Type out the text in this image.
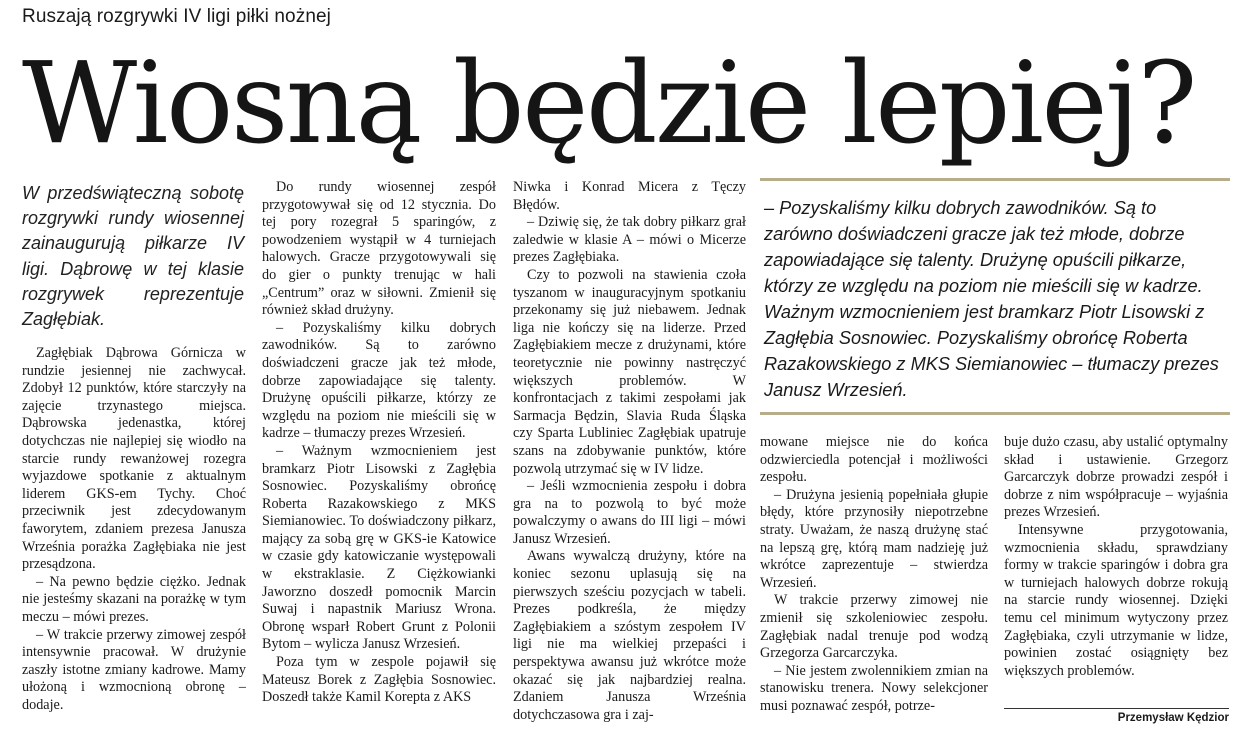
Ruszają rozgrywki IV ligi piłki nożnej
Wiosną będzie lepiej?

W przedświąteczną sobotę rozgrywki rundy wiosennej zainaugurują piłkarze IV ligi. Dąbrowę w tej klasie rozgrywek reprezentuje Zagłębiak.

Zagłębiak Dąbrowa Górnicza w rundzie jesiennej nie zachwycał. Zdobył 12 punktów, które starczyły na zajęcie trzynastego miejsca. Dąbrowska jedenastka, której dotychczas nie najlepiej się wiodło na starcie rundy rewanżowej rozegra wyjazdowe spotkanie z aktualnym liderem GKS-em Tychy. Choć przeciwnik jest zdecydowanym faworytem, zdaniem prezesa Janusza Września porażka Zagłębiaka nie jest przesądzona.

– Na pewno będzie ciężko. Jednak nie jesteśmy skazani na porażkę w tym meczu – mówi prezes.

– W trakcie przerwy zimowej zespół intensywnie pracował. W drużynie zaszły istotne zmiany kadrowe. Mamy ułożoną i wzmocnioną obronę – dodaje.

Do rundy wiosennej zespół przygotowywał się od 12 stycznia. Do tej pory rozegrał 5 sparingów, z powodzeniem wystąpił w 4 turniejach halowych. Gracze przygotowywali się do gier o punkty trenując w hali „Centrum” oraz w siłowni. Zmienił się również skład drużyny.

– Pozyskaliśmy kilku dobrych zawodników. Są to zarówno doświadczeni gracze jak też młode, dobrze zapowiadające się talenty. Drużynę opuścili piłkarze, którzy ze względu na poziom nie mieścili się w kadrze – tłumaczy prezes Wrzesień.

– Ważnym wzmocnieniem jest bramkarz Piotr Lisowski z Zagłębia Sosnowiec. Pozyskaliśmy obrońcę Roberta Razakowskiego z MKS Siemianowiec. To doświadczony piłkarz, mający za sobą grę w GKS-ie Katowice w czasie gdy katowiczanie występowali w ekstraklasie. Z Ciężkowianki Jaworzno doszedł pomocnik Marcin Suwaj i napastnik Mariusz Wrona. Obronę wsparł Robert Grunt z Polonii Bytom – wylicza Janusz Wrzesień.

Poza tym w zespole pojawił się Mateusz Borek z Zagłębia Sosnowiec. Doszedł także Kamil Korepta z AKS

Niwka i Konrad Micera z Tęczy Błędów.

– Dziwię się, że tak dobry piłkarz grał zaledwie w klasie A – mówi o Micerze prezes Zagłębiaka.

Czy to pozwoli na stawienia czoła tyszanom w inauguracyjnym spotkaniu przekonamy się już niebawem. Jednak liga nie kończy się na liderze. Przed Zagłębiakiem mecze z drużynami, które teoretycznie nie powinny nastręczyć większych problemów. W konfrontacjach z takimi zespołami jak Sarmacja Będzin, Slavia Ruda Śląska czy Sparta Lubliniec Zagłębiak upatruje szans na zdobywanie punktów, które pozwolą utrzymać się w IV lidze.

– Jeśli wzmocnienia zespołu i dobra gra na to pozwolą to być może powalczymy o awans do III ligi – mówi Janusz Wrzesień.

Awans wywalczą drużyny, które na koniec sezonu uplasują się na pierwszych sześciu pozycjach w tabeli. Prezes podkreśla, że między Zagłębiakiem a szóstym zespołem IV ligi nie ma wielkiej przepaści i perspektywa awansu już wkrótce może okazać się jak najbardziej realna. Zdaniem Janusza Września dotychczasowa gra i zaj-

– Pozyskaliśmy kilku dobrych zawodników. Są to zarówno doświadczeni gracze jak też młode, dobrze zapowiadające się talenty. Drużynę opuścili piłkarze, którzy ze względu na poziom nie mieścili się w kadrze. Ważnym wzmocnieniem jest bramkarz Piotr Lisowski z Zagłębia Sosnowiec. Pozyskaliśmy obrońcę Roberta Razakowskiego z MKS Siemianowiec – tłumaczy prezes Janusz Wrzesień.

mowane miejsce nie do końca odzwierciedla potencjał i możliwości zespołu.

– Drużyna jesienią popełniała głupie błędy, które przynosiły niepotrzebne straty. Uważam, że naszą drużynę stać na lepszą grę, którą mam nadzieję już wkrótce zaprezentuje – stwierdza Wrzesień.

W trakcie przerwy zimowej nie zmienił się szkoleniowiec zespołu. Zagłębiak nadal trenuje pod wodzą Grzegorza Garcarczyka.

– Nie jestem zwolennikiem zmian na stanowisku trenera. Nowy selekcjoner musi poznawać zespół, potrze-

buje dużo czasu, aby ustalić optymalny skład i ustawienie. Grzegorz Garcarczyk dobrze prowadzi zespół i dobrze z nim współpracuje – wyjaśnia prezes Wrzesień.

Intensywne przygotowania, wzmocnienia składu, sprawdziany formy w trakcie sparingów i dobra gra w turniejach halowych dobrze rokują na starcie rundy wiosennej. Dzięki temu cel minimum wytyczony przez Zagłębiaka, czyli utrzymanie w lidze, powinien zostać osiągnięty bez większych problemów.

Przemysław Kędzior
